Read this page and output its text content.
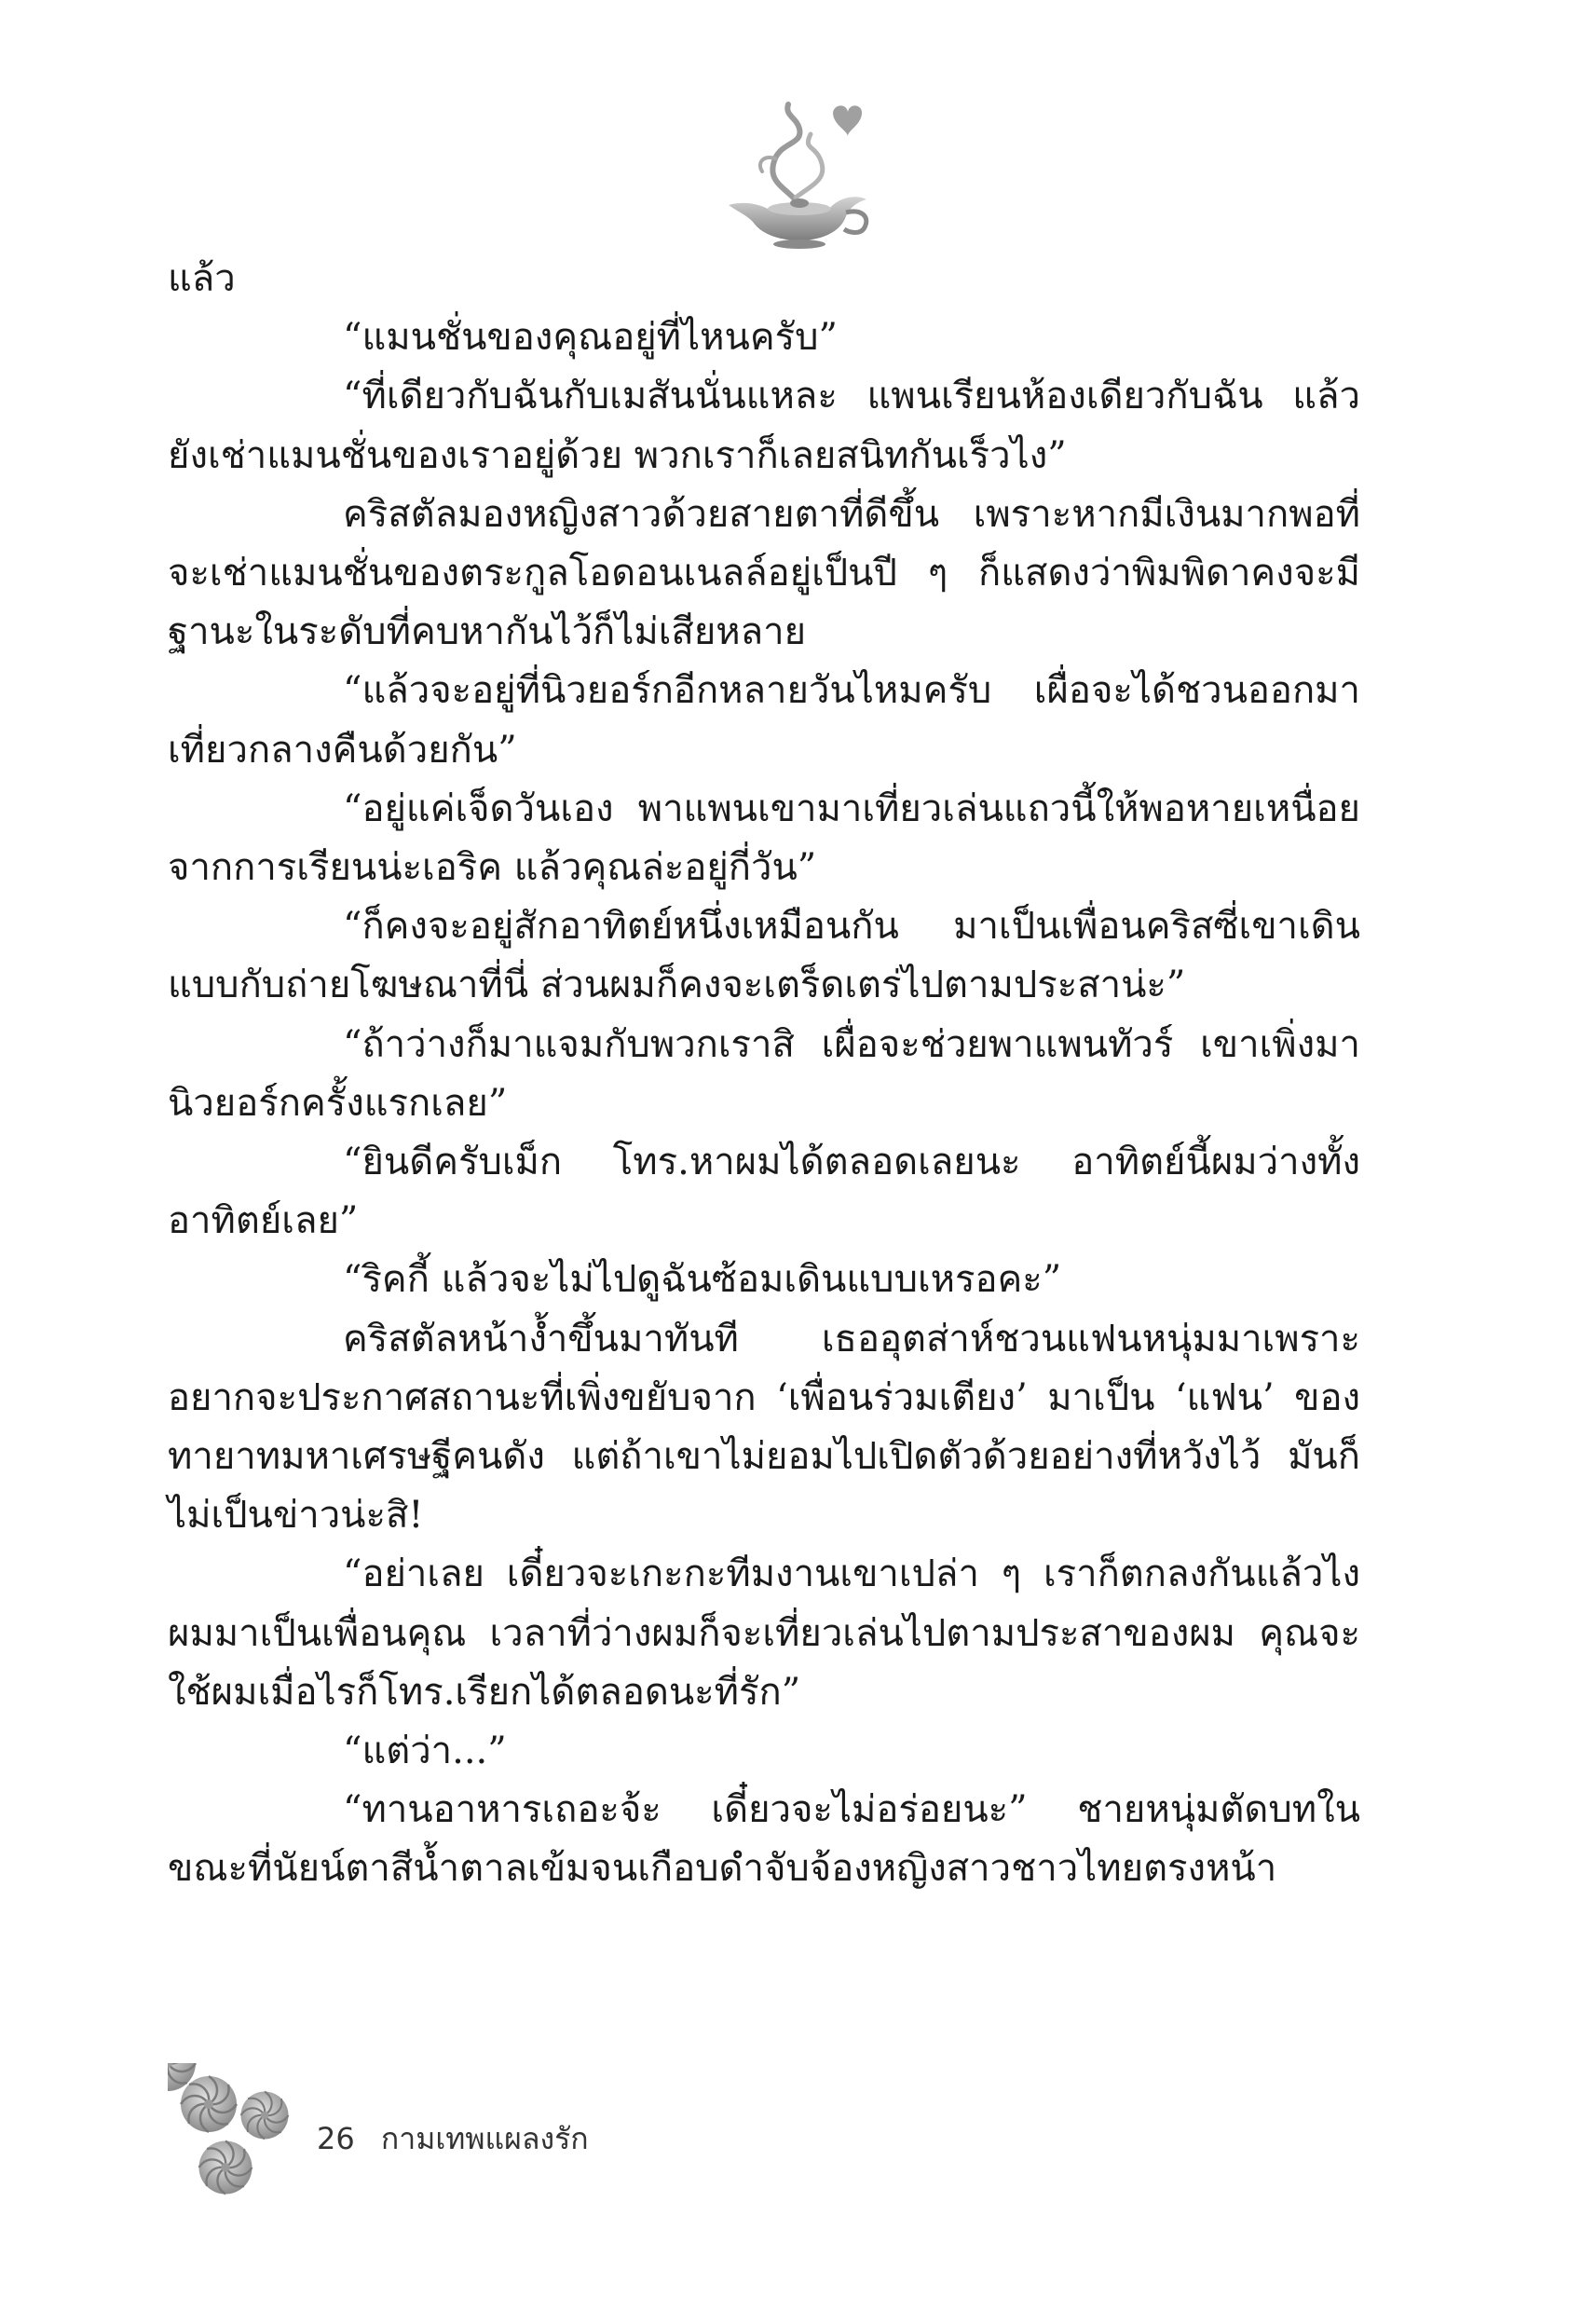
แล้ว

“แมนชั่นของคุณอยู่ที่ไหนครับ”

“ที่เดียวกับฉันกับเมสันนั่นแหละ แพนเรียนห้องเดียวกับฉัน แล้วยังเช่าแมนชั่นของเราอยู่ด้วย พวกเราก็เลยสนิทกันเร็วไง”

คริสตัลมองหญิงสาวด้วยสายตาที่ดีขึ้น เพราะหากมีเงินมากพอที่จะเช่าแมนชั่นของตระกูลโอดอนเนลล์อยู่เป็นปี ๆ ก็แสดงว่าพิมพิดาคงจะมีฐานะในระดับที่คบหากันไว้ก็ไม่เสียหลาย

“แล้วจะอยู่ที่นิวยอร์กอีกหลายวันไหมครับ เผื่อจะได้ชวนออกมาเที่ยวกลางคืนด้วยกัน”

“อยู่แค่เจ็ดวันเอง พาแพนเขามาเที่ยวเล่นแถวนี้ให้พอหายเหนื่อยจากการเรียนน่ะเอริค แล้วคุณล่ะอยู่กี่วัน”

“ก็คงจะอยู่สักอาทิตย์หนึ่งเหมือนกัน มาเป็นเพื่อนคริสซี่เขาเดินแบบกับถ่ายโฆษณาที่นี่ ส่วนผมก็คงจะเตร็ดเตร่ไปตามประสาน่ะ”

“ถ้าว่างก็มาแจมกับพวกเราสิ เผื่อจะช่วยพาแพนทัวร์ เขาเพิ่งมานิวยอร์กครั้งแรกเลย”

“ยินดีครับเม็ก โทร.หาผมได้ตลอดเลยนะ อาทิตย์นี้ผมว่างทั้งอาทิตย์เลย”

“ริคกี้ แล้วจะไม่ไปดูฉันซ้อมเดินแบบเหรอคะ”

คริสตัลหน้างํ้าขึ้นมาทันที เธออุตส่าห์ชวนแฟนหนุ่มมาเพราะอยากจะประกาศสถานะที่เพิ่งขยับจาก ‘เพื่อนร่วมเตียง’ มาเป็น ‘แฟน’ ของทายาทมหาเศรษฐีคนดัง แต่ถ้าเขาไม่ยอมไปเปิดตัวด้วยอย่างที่หวังไว้ มันก็ไม่เป็นข่าวน่ะสิ!

“อย่าเลย เดี๋ยวจะเกะกะทีมงานเขาเปล่า ๆ เราก็ตกลงกันแล้วไง ผมมาเป็นเพื่อนคุณ เวลาที่ว่างผมก็จะเที่ยวเล่นไปตามประสาของผม คุณจะใช้ผมเมื่อไรก็โทร.เรียกได้ตลอดนะที่รัก”

“แต่ว่า...”

“ทานอาหารเถอะจ้ะ เดี๋ยวจะไม่อร่อยนะ” ชายหนุ่มตัดบทในขณะที่นัยน์ตาสีนํ้าตาลเข้มจนเกือบดำจับจ้องหญิงสาวชาวไทยตรงหน้า

26 กามเทพแผลงรัก
